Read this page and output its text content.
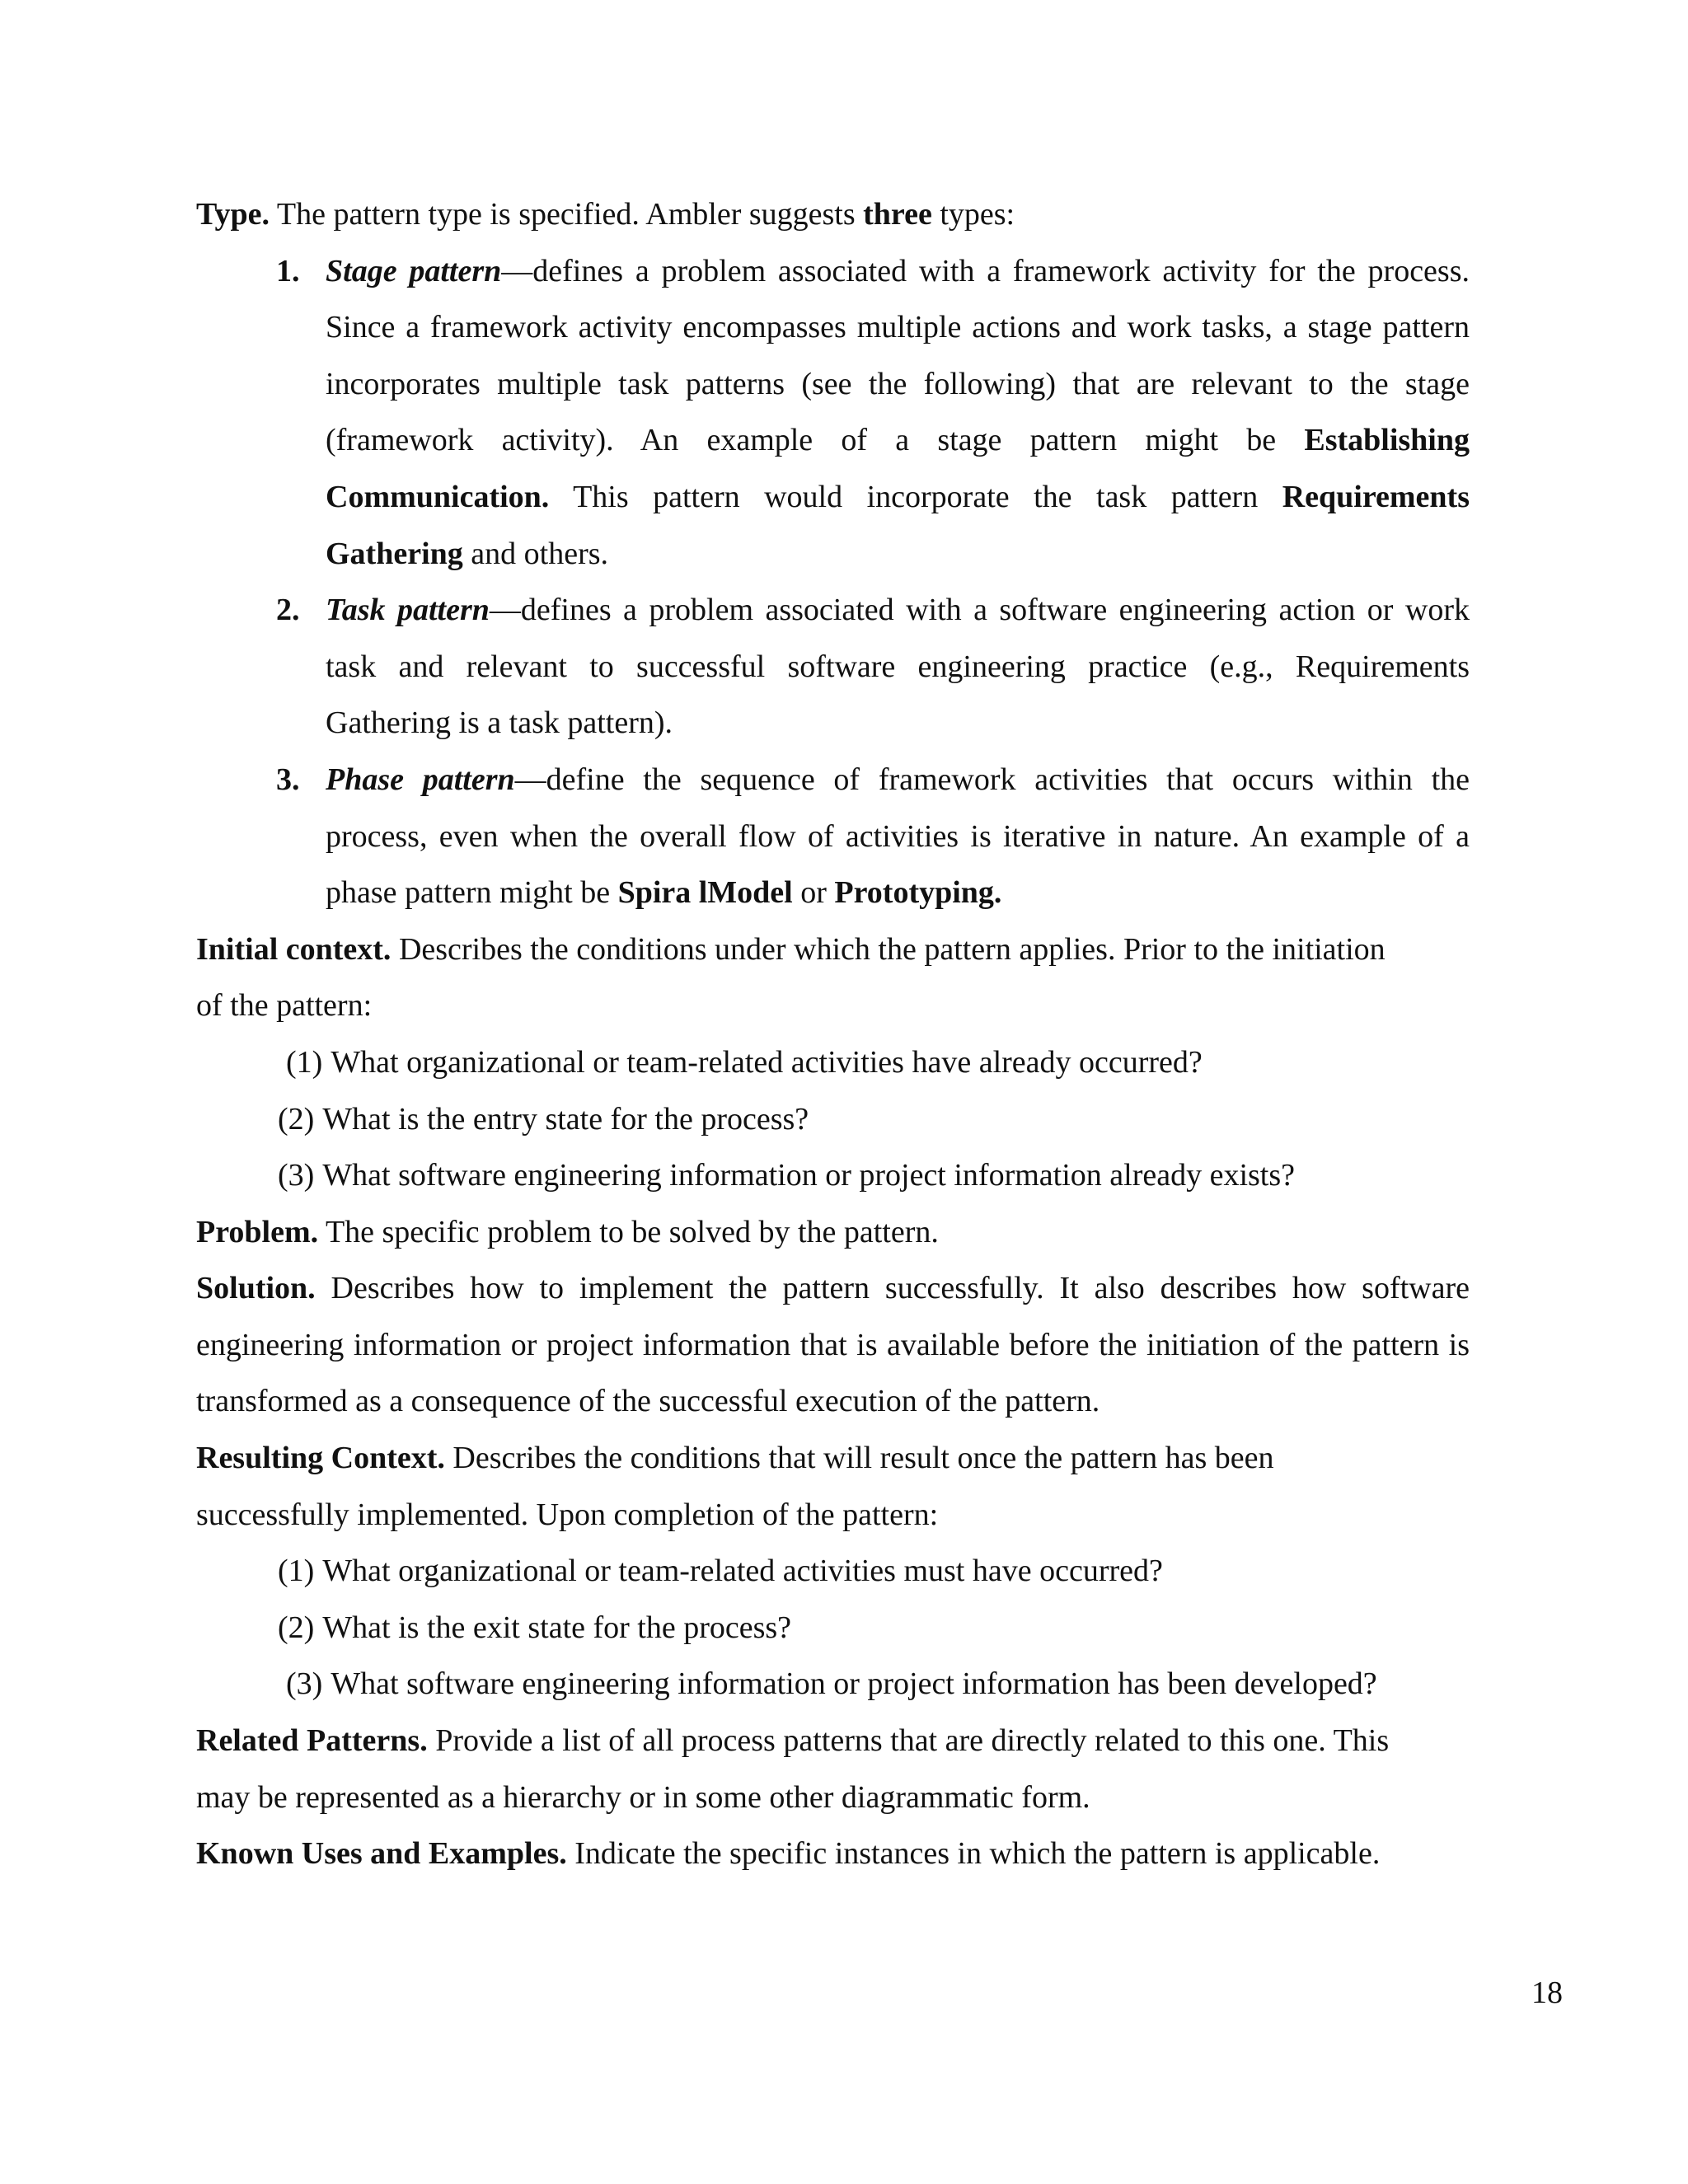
Type. The pattern type is specified. Ambler suggests three types:

1. Stage pattern—defines a problem associated with a framework activity for the process. Since a framework activity encompasses multiple actions and work tasks, a stage pattern incorporates multiple task patterns (see the following) that are relevant to the stage (framework activity). An example of a stage pattern might be Establishing Communication. This pattern would incorporate the task pattern Requirements Gathering and others.

2. Task pattern—defines a problem associated with a software engineering action or work task and relevant to successful software engineering practice (e.g., Requirements Gathering is a task pattern).

3. Phase pattern—define the sequence of framework activities that occurs within the process, even when the overall flow of activities is iterative in nature. An example of a phase pattern might be Spira lModel or Prototyping.

Initial context. Describes the conditions under which the pattern applies. Prior to the initiation
of the pattern:

(1) What organizational or team-related activities have already occurred?

(2) What is the entry state for the process?

(3) What software engineering information or project information already exists?

Problem. The specific problem to be solved by the pattern.

Solution. Describes how to implement the pattern successfully. It also describes how software engineering information or project information that is available before the initiation of the pattern is transformed as a consequence of the successful execution of the pattern.

Resulting Context. Describes the conditions that will result once the pattern has been
successfully implemented. Upon completion of the pattern:

(1) What organizational or team-related activities must have occurred?

(2) What is the exit state for the process?

(3) What software engineering information or project information has been developed?

Related Patterns. Provide a list of all process patterns that are directly related to this one. This
may be represented as a hierarchy or in some other diagrammatic form.

Known Uses and Examples. Indicate the specific instances in which the pattern is applicable.

18
